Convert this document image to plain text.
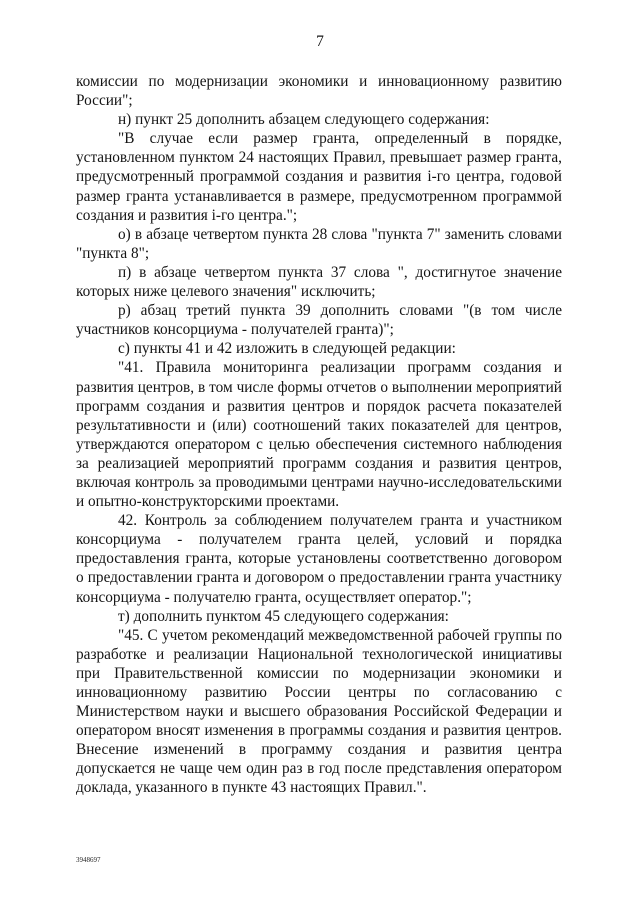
7

комиссии по модернизации экономики и инновационному развитию России";

н) пункт 25 дополнить абзацем следующего содержания:

"В случае если размер гранта, определенный в порядке, установленном пунктом 24 настоящих Правил, превышает размер гранта, предусмотренный программой создания и развития i-го центра, годовой размер гранта устанавливается в размере, предусмотренном программой создания и развития i-го центра.";

о) в абзаце четвертом пункта 28 слова "пункта 7" заменить словами "пункта 8";

п) в абзаце четвертом пункта 37 слова ", достигнутое значение которых ниже целевого значения" исключить;

р) абзац третий пункта 39 дополнить словами "(в том числе участников консорциума - получателей гранта)";

с) пункты 41 и 42 изложить в следующей редакции:

"41. Правила мониторинга реализации программ создания и развития центров, в том числе формы отчетов о выполнении мероприятий программ создания и развития центров и порядок расчета показателей результативности и (или) соотношений таких показателей для центров, утверждаются оператором с целью обеспечения системного наблюдения за реализацией мероприятий программ создания и развития центров, включая контроль за проводимыми центрами научно-исследовательскими и опытно-конструкторскими проектами.

42. Контроль за соблюдением получателем гранта и участником консорциума - получателем гранта целей, условий и порядка предоставления гранта, которые установлены соответственно договором о предоставлении гранта и договором о предоставлении гранта участнику консорциума - получателю гранта, осуществляет оператор.";

т) дополнить пунктом 45 следующего содержания:

"45. С учетом рекомендаций межведомственной рабочей группы по разработке и реализации Национальной технологической инициативы при Правительственной комиссии по модернизации экономики и инновационному развитию России центры по согласованию с Министерством науки и высшего образования Российской Федерации и оператором вносят изменения в программы создания и развития центров. Внесение изменений в программу создания и развития центра допускается не чаще чем один раз в год после представления оператором доклада, указанного в пункте 43 настоящих Правил.".

3948697
